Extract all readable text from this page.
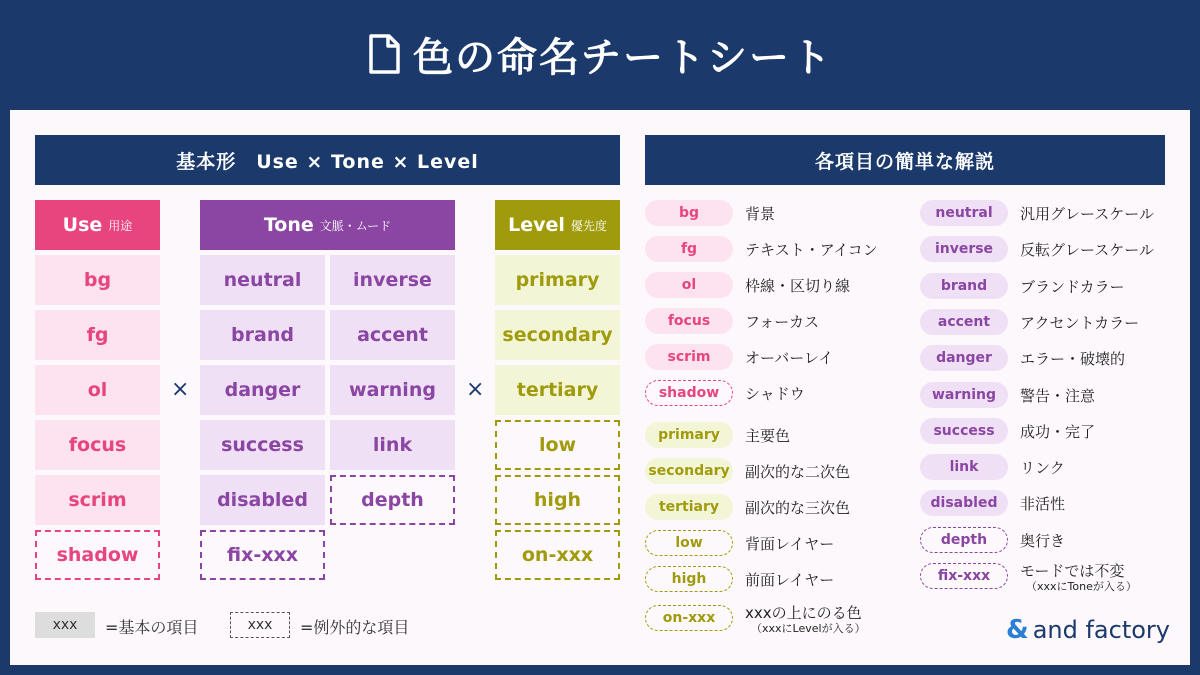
色の命名チートシート
基本形　Use × Tone × Level	各項目の簡単な解説
Use 用途	Tone 文脈・ムード	Level 優先度
bg
fg
ol
focus
scrim
shadow
neutral	inverse
brand	accent
danger	warning
success	link
disabled	depth
fix-xxx
primary
secondary
tertiary
low
high
on-xxx
×	×
bg	背景
fg	テキスト・アイコン
ol	枠線・区切り線
focus	フォーカス
scrim	オーバーレイ
shadow	シャドウ
primary	主要色
secondary 副次的な二次色
tertiary	副次的な三次色
low	背面レイヤー
high	前面レイヤー
on-xxx	xxxの上にのる色
（xxxにLevelが入る）
neutral	汎用グレースケール
inverse	反転グレースケール
brand	ブランドカラー
accent	アクセントカラー
danger	エラー・破壊的
warning	警告・注意
success	成功・完了
link	リンク
disabled	非活性
depth	奥行き
fix-xxx	モードでは不変
（xxxにToneが入る）
xxx	=基本の項目	xxx	=例外的な項目	& and factory
